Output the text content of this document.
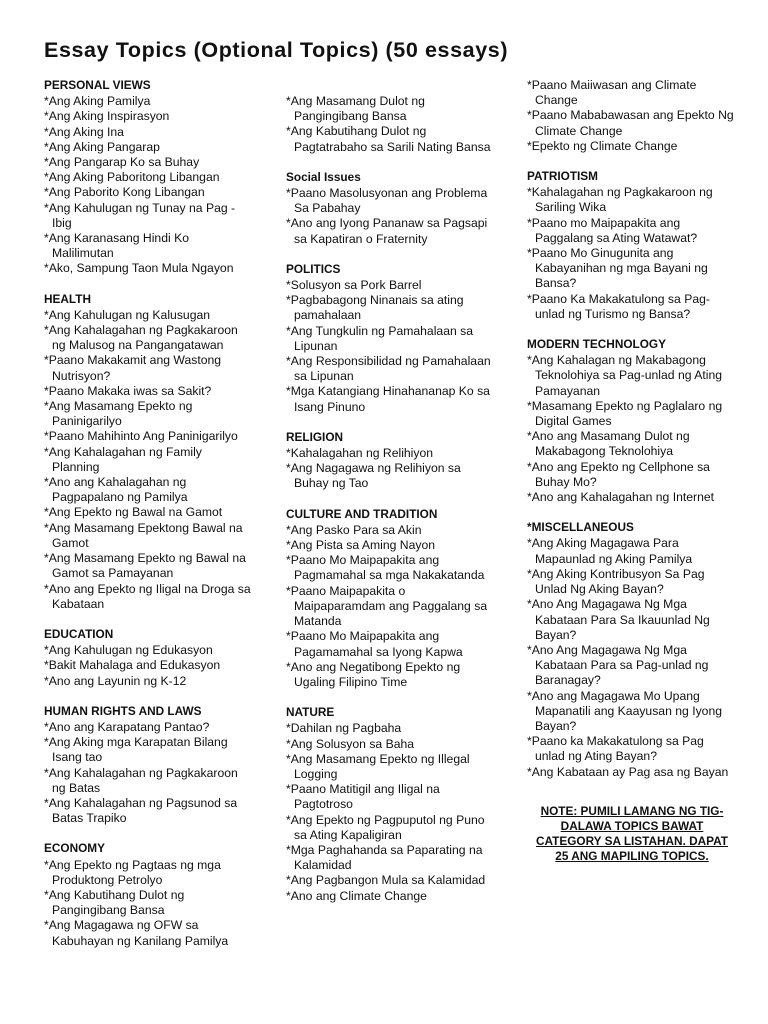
Essay Topics (Optional Topics) (50 essays)
PERSONAL VIEWS
*Ang Aking Pamilya
*Ang Aking Inspirasyon
*Ang Aking Ina
*Ang Aking Pangarap
*Ang Pangarap Ko sa Buhay
*Ang Aking Paboritong Libangan
*Ang Paborito Kong Libangan
*Ang Kahulugan ng Tunay na Pag -Ibig
*Ang Karanasang Hindi Ko Malilimutan
*Ako, Sampung Taon Mula Ngayon
HEALTH
*Ang Kahulugan ng Kalusugan
*Ang Kahalagahan ng Pagkakaroon ng Malusog na Pangangatawan
*Paano Makakamit ang Wastong Nutrisyon?
*Paano Makaka iwas sa Sakit?
*Ang Masamang Epekto ng Paninigarilyo
*Paano Mahihinto Ang Paninigarilyo
*Ang Kahalagahan ng Family Planning
*Ano ang Kahalagahan ng Pagpapalano ng Pamilya
*Ang Epekto ng Bawal na Gamot
*Ang Masamang Epektong Bawal na Gamot
*Ang Masamang Epekto ng Bawal na Gamot sa Pamayanan
*Ano ang Epekto ng Iligal na Droga sa Kabataan
EDUCATION
*Ang Kahulugan ng Edukasyon
*Bakit Mahalaga and Edukasyon
*Ano ang Layunin ng K-12
HUMAN RIGHTS AND LAWS
*Ano ang Karapatang Pantao?
*Ang Aking mga Karapatan Bilang Isang tao
*Ang Kahalagahan ng Pagkakaroon ng Batas
*Ang Kahalagahan ng Pagsunod sa Batas Trapiko
ECONOMY
*Ang Epekto ng Pagtaas ng mga Produktong Petrolyo
*Ang Kabutihang Dulot ng Pangingibang Bansa
*Ang Magagawa ng OFW sa Kabuhayan ng Kanilang Pamilya
*Ang Masamang Dulot ng Pangingibang Bansa
*Ang Kabutihang Dulot ng Pagtatrabaho sa Sarili Nating Bansa
Social Issues
*Paano Masolusyonan ang Problema Sa Pabahay
*Ano ang Iyong Pananaw sa Pagsapi sa Kapatiran o Fraternity
POLITICS
*Solusyon sa Pork Barrel
*Pagbabagong Ninanais sa ating pamahalaan
*Ang Tungkulin ng Pamahalaan sa Lipunan
*Ang Responsibilidad ng Pamahalaan sa Lipunan
*Mga Katangiang Hinahananap Ko sa Isang Pinuno
RELIGION
*Kahalagahan ng Relihiyon
*Ang Nagagawa ng Relihiyon sa Buhay ng Tao
CULTURE AND TRADITION
*Ang Pasko Para sa Akin
*Ang Pista sa Aming Nayon
*Paano Mo Maipapakita ang Pagmamahal sa mga Nakakatanda
*Paano Maipapakita o Maipaparamdam ang Paggalang sa Matanda
*Paano Mo Maipapakita ang Pagamamahal sa Iyong Kapwa
*Ano ang Negatibong Epekto ng Ugaling Filipino Time
NATURE
*Dahilan ng Pagbaha
*Ang Solusyon sa Baha
*Ang Masamang Epekto ng Illegal Logging
*Paano Matitigil ang Iligal na Pagtotroso
*Ang Epekto ng Pagpuputol ng Puno sa Ating Kapaligiran
*Mga Paghahanda sa Paparating na Kalamidad
*Ang Pagbangon Mula sa Kalamidad
*Ano ang Climate Change
*Paano Maiiwasan ang Climate Change
*Paano Mababawasan ang Epekto Ng Climate Change
*Epekto ng Climate Change
PATRIOTISM
*Kahalagahan ng Pagkakaroon ng Sariling Wika
*Paano mo Maipapakita ang Paggalang sa Ating Watawat?
*Paano Mo Ginugunita ang Kabayanihan ng mga Bayani ng Bansa?
*Paano Ka Makakatulong sa Pag-unlad ng Turismo ng Bansa?
MODERN TECHNOLOGY
*Ang Kahalagan ng Makabagong Teknolohiya sa Pag-unlad ng Ating Pamayanan
*Masamang Epekto ng Paglalaro ng Digital Games
*Ano ang Masamang Dulot ng Makabagong Teknolohiya
*Ano ang Epekto ng Cellphone sa Buhay Mo?
*Ano ang Kahalagahan ng Internet
*MISCELLANEOUS
*Ang Aking Magagawa Para Mapaunlad ng Aking Pamilya
*Ang Aking Kontribusyon Sa Pag Unlad Ng Aking Bayan?
*Ano Ang Magagawa Ng Mga Kabataan Para Sa Ikauunlad Ng Bayan?
*Ano Ang Magagawa Ng Mga Kabataan Para sa Pag-unlad ng Baranagay?
*Ano ang Magagawa Mo Upang Mapanatili ang Kaayusan ng Iyong Bayan?
*Paano ka Makakatulong sa Pag unlad ng Ating Bayan?
*Ang Kabataan ay Pag asa ng Bayan
NOTE: PUMILI LAMANG NG TIG-DALAWA TOPICS BAWAT CATEGORY SA LISTAHAN. DAPAT 25 ANG MAPILING TOPICS.
